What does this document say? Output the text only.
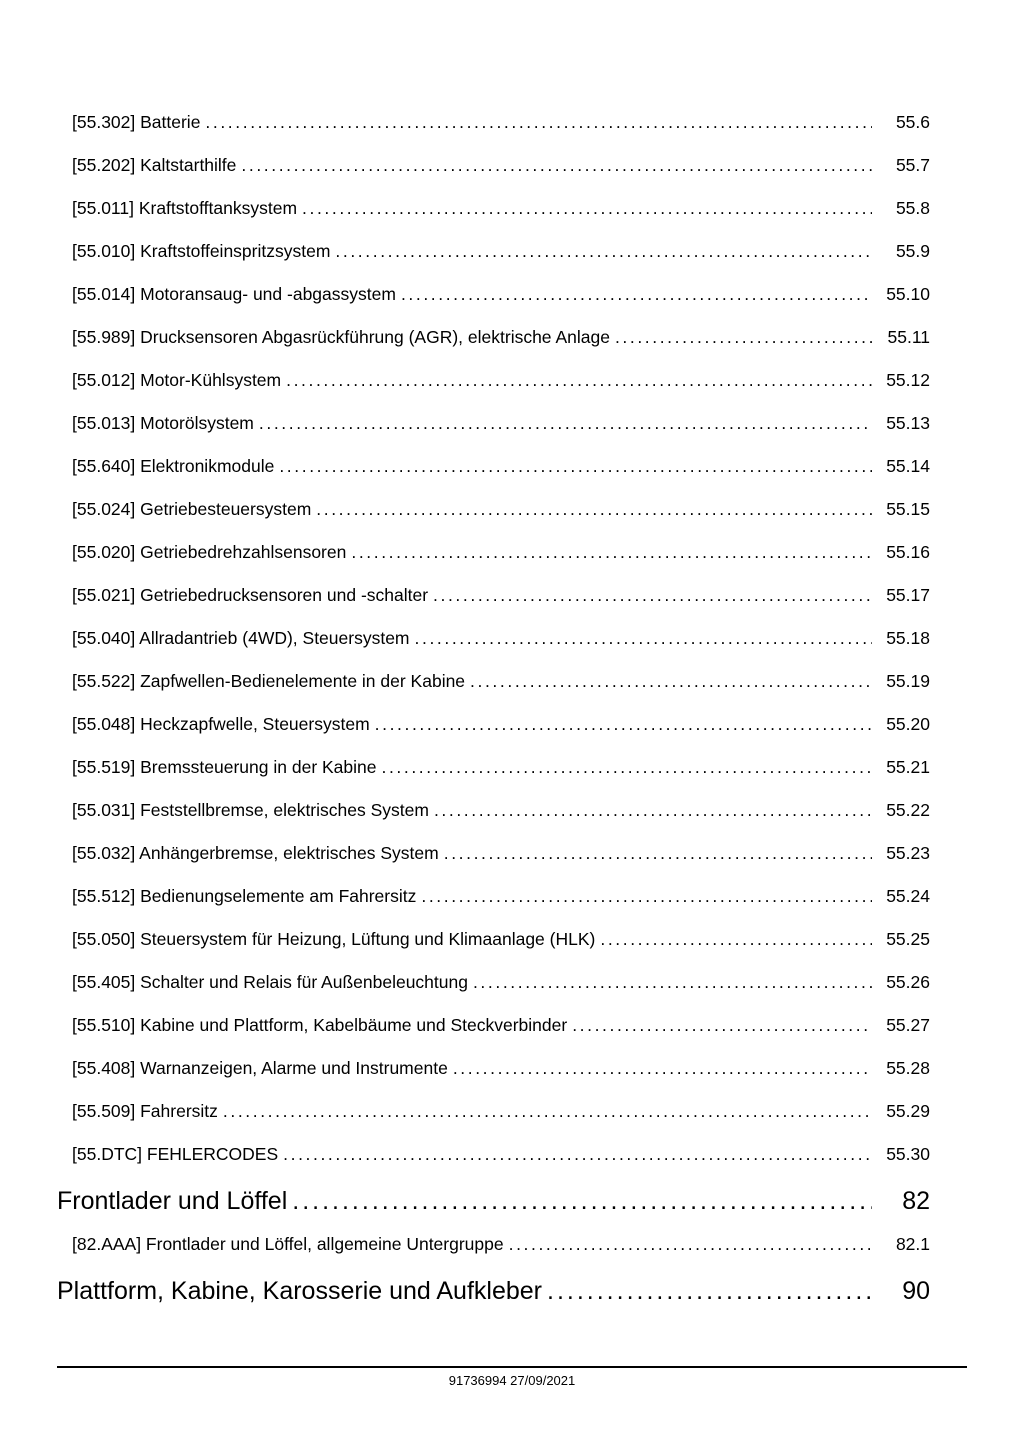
[55.302] Batterie .....	55.6
[55.202] Kaltstarthilfe .....	55.7
[55.011] Kraftstofftanksystem .....	55.8
[55.010] Kraftstoffeinspritzsystem .....	55.9
[55.014] Motoransaug- und -abgassystem .....	55.10
[55.989] Drucksensoren Abgasrückführung (AGR), elektrische Anlage .....	55.11
[55.012] Motor-Kühlsystem .....	55.12
[55.013] Motorölsystem .....	55.13
[55.640] Elektronikmodule .....	55.14
[55.024] Getriebesteuersystem .....	55.15
[55.020] Getriebedrehzahlsensoren .....	55.16
[55.021] Getriebedrucksensoren und -schalter .....	55.17
[55.040] Allradantrieb (4WD), Steuersystem .....	55.18
[55.522] Zapfwellen-Bedienelemente in der Kabine .....	55.19
[55.048] Heckzapfwelle, Steuersystem .....	55.20
[55.519] Bremssteuerung in der Kabine .....	55.21
[55.031] Feststellbremse, elektrisches System .....	55.22
[55.032] Anhängerbremse, elektrisches System .....	55.23
[55.512] Bedienungselemente am Fahrersitz .....	55.24
[55.050] Steuersystem für Heizung, Lüftung und Klimaanlage (HLK) .....	55.25
[55.405] Schalter und Relais für Außenbeleuchtung .....	55.26
[55.510] Kabine und Plattform, Kabelbäume und Steckverbinder .....	55.27
[55.408] Warnanzeigen, Alarme und Instrumente .....	55.28
[55.509] Fahrersitz .....	55.29
[55.DTC] FEHLERCODES .....	55.30
Frontlader und Löffel .....	82
[82.AAA] Frontlader und Löffel, allgemeine Untergruppe .....	82.1
Plattform, Kabine, Karosserie und Aufkleber .....	90
91736994 27/09/2021
